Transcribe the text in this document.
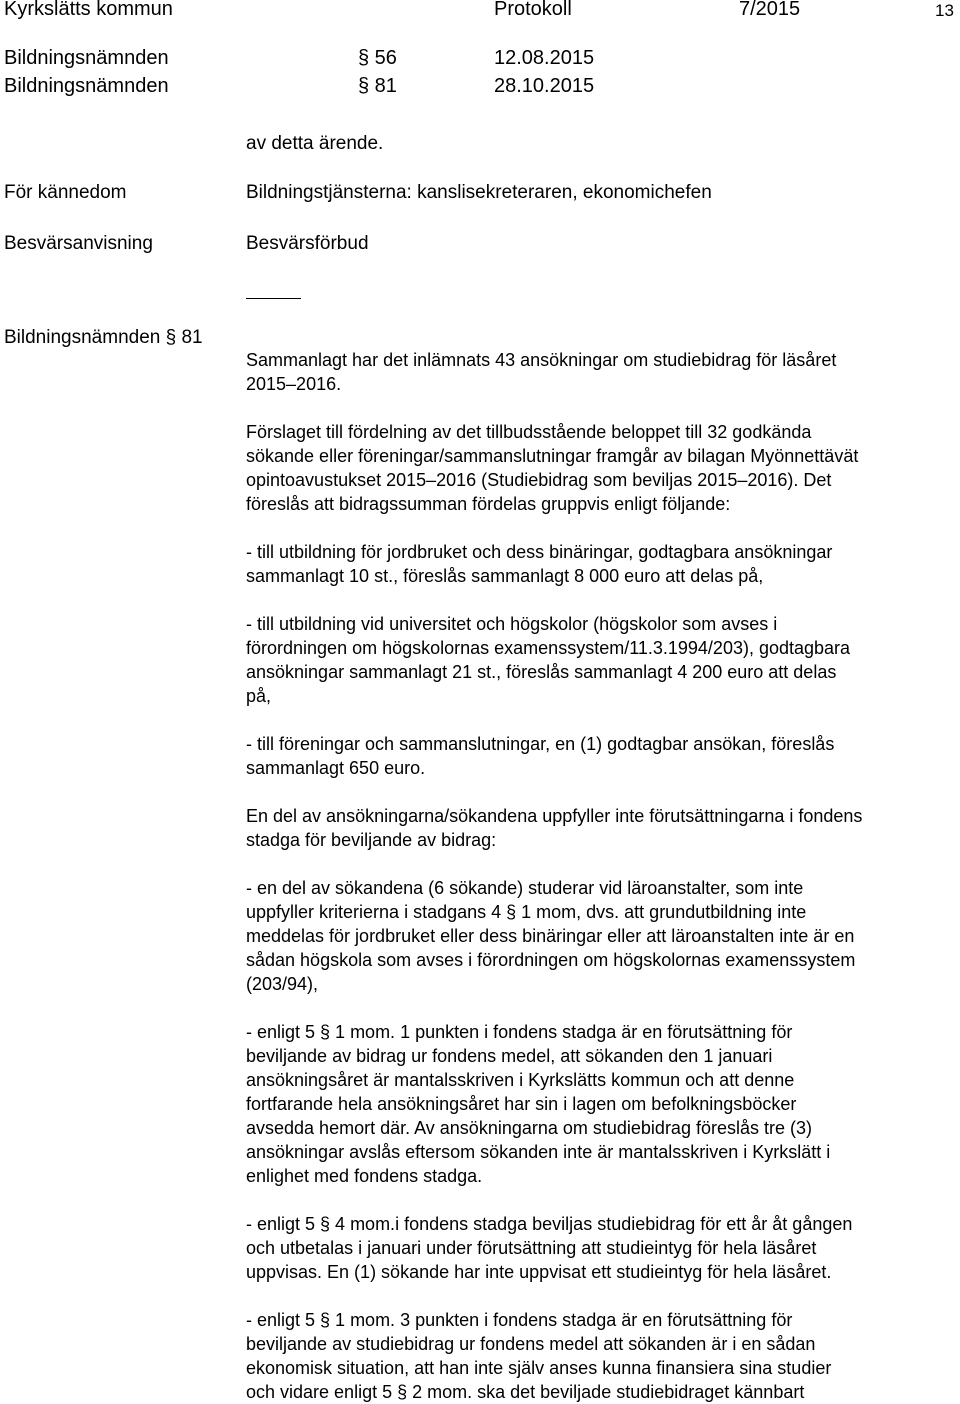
Kyrkslätts kommun	Protokoll	7/2015	13
Bildningsnämnden	§ 56	12.08.2015
Bildningsnämnden	§ 81	28.10.2015
av detta ärende.
För kännedom	Bildningstjänsterna: kanslisekreteraren, ekonomichefen
Besvärsanvisning	Besvärsförbud
Bildningsnämnden § 81

Sammanlagt har det inlämnats 43 ansökningar om studiebidrag för läsåret

2015–2016.

Förslaget till fördelning av det tillbudsstående beloppet till 32 godkända

sökande eller föreningar/sammanslutningar framgår av bilagan Myönnettävät

opintoavustukset 2015–2016 (Studiebidrag som beviljas 2015–2016). Det

föreslås att bidragssumman fördelas gruppvis enligt följande:

- till utbildning för jordbruket och dess binäringar, godtagbara ansökningar

sammanlagt 10 st., föreslås sammanlagt 8 000 euro att delas på,

- till utbildning vid universitet och högskolor (högskolor som avses i

förordningen om högskolornas examenssystem/11.3.1994/203), godtagbara

ansökningar sammanlagt 21 st., föreslås sammanlagt 4 200 euro att delas

på,

- till föreningar och sammanslutningar, en (1) godtagbar ansökan, föreslås

sammanlagt 650 euro.

En del av ansökningarna/sökandena uppfyller inte förutsättningarna i fondens

stadga för beviljande av bidrag:

- en del av sökandena (6 sökande) studerar vid läroanstalter, som inte

uppfyller kriterierna i stadgans 4 § 1 mom, dvs. att grundutbildning inte

meddelas för jordbruket eller dess binäringar eller att läroanstalten inte är en

sådan högskola som avses i förordningen om högskolornas examenssystem

(203/94),

- enligt 5 § 1 mom. 1 punkten i fondens stadga är en förutsättning för

beviljande av bidrag ur fondens medel, att sökanden den 1 januari

ansökningsåret är mantalsskriven i Kyrkslätts kommun och att denne

fortfarande hela ansökningsåret har sin i lagen om befolkningsböcker

avsedda hemort där. Av ansökningarna om studiebidrag föreslås tre (3)

ansökningar avslås eftersom sökanden inte är mantalsskriven i Kyrkslätt i

enlighet med fondens stadga.

- enligt 5 § 4 mom.i fondens stadga beviljas studiebidrag för ett år åt gången

och utbetalas i januari under förutsättning att studieintyg för hela läsåret

uppvisas. En (1) sökande har inte uppvisat ett studieintyg för hela läsåret.

- enligt 5 § 1 mom. 3 punkten i fondens stadga är en förutsättning för

beviljande av studiebidrag ur fondens medel att sökanden är i en sådan

ekonomisk situation, att han inte själv anses kunna finansiera sina studier

och vidare enligt 5 § 2 mom. ska det beviljade studiebidraget kännbart
